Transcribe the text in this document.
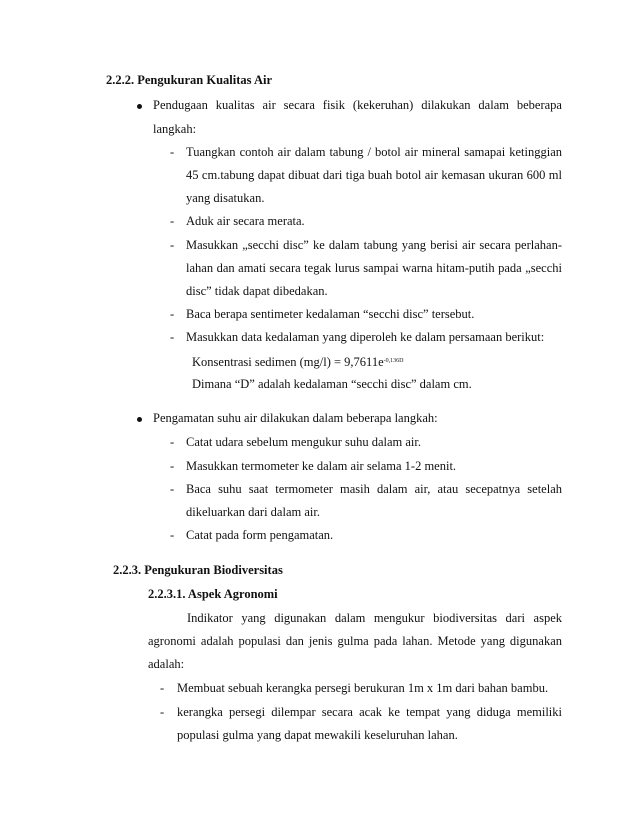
2.2.2. Pengukuran Kualitas Air
Pendugaan kualitas air secara fisik (kekeruhan) dilakukan dalam beberapa
langkah:
- Tuangkan contoh air dalam tabung / botol air mineral samapai ketinggian
45 cm.tabung dapat dibuat dari tiga buah botol air kemasan ukuran 600 ml
yang disatukan.
- Aduk air secara merata.
- Masukkan „secchi disc” ke dalam tabung yang berisi air secara perlahan-
lahan dan amati secara tegak lurus sampai warna hitam-putih pada „secchi
disc” tidak dapat dibedakan.
- Baca berapa sentimeter kedalaman “secchi disc” tersebut.
- Masukkan data kedalaman yang diperoleh ke dalam persamaan berikut:
Konsentrasi sedimen $(mg/l) = 9,7611e^{-0,136D}$
Dimana “D” adalah kedalaman “secchi disc” dalam cm.
Pengamatan suhu air dilakukan dalam beberapa langkah:
- Catat udara sebelum mengukur suhu dalam air.
- Masukkan termometer ke dalam air selama 1-2 menit.
- Baca suhu saat termometer masih dalam air, atau secepatnya setelah
dikeluarkan dari dalam air.
- Catat pada form pengamatan.
2.2.3. Pengukuran Biodiversitas
2.2.3.1. Aspek Agronomi
Indikator yang digunakan dalam mengukur biodiversitas dari aspek
agronomi adalah populasi dan jenis gulma pada lahan. Metode yang digunakan
adalah:
- Membuat sebuah kerangka persegi berukuran 1m x 1m dari bahan bambu.
- kerangka persegi dilempar secara acak ke tempat yang diduga memiliki
populasi gulma yang dapat mewakili keseluruhan lahan.
